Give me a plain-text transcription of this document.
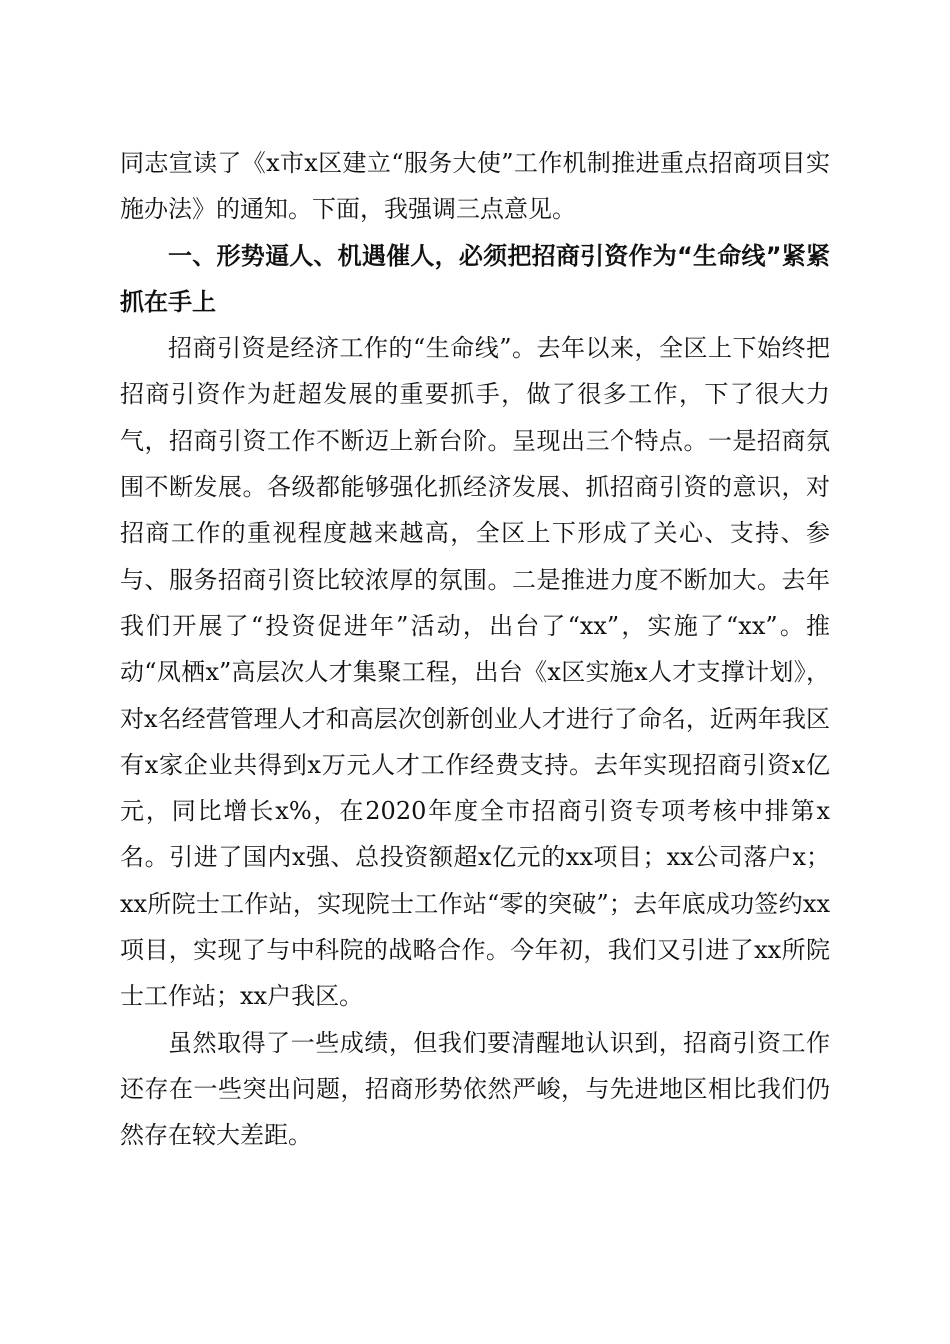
同志宣读了《x市x区建立“服务大使”工作机制推进重点招商项目实施办法》的通知。下面，我强调三点意见。

一、形势逼人、机遇催人，必须把招商引资作为“生命线”紧紧抓在手上

招商引资是经济工作的“生命线”。去年以来，全区上下始终把招商引资作为赶超发展的重要抓手，做了很多工作，下了很大力气，招商引资工作不断迈上新台阶。呈现出三个特点。一是招商氛围不断发展。各级都能够强化抓经济发展、抓招商引资的意识，对招商工作的重视程度越来越高，全区上下形成了关心、支持、参与、服务招商引资比较浓厚的氛围。二是推进力度不断加大。去年我们开展了“投资促进年”活动，出台了“xx”，实施了“xx”。推动“凤栖x”高层次人才集聚工程，出台《x区实施x人才支撑计划》，对x名经营管理人才和高层次创新创业人才进行了命名，近两年我区有x家企业共得到x万元人才工作经费支持。去年实现招商引资x亿元，同比增长x%，在2020年度全市招商引资专项考核中排第x名。引进了国内x强、总投资额超x亿元的xx项目；xx公司落户x；xx所院士工作站，实现院士工作站“零的突破”；去年底成功签约xx项目，实现了与中科院的战略合作。今年初，我们又引进了xx所院士工作站；xx户我区。

虽然取得了一些成绩，但我们要清醒地认识到，招商引资工作还存在一些突出问题，招商形势依然严峻，与先进地区相比我们仍然存在较大差距。
